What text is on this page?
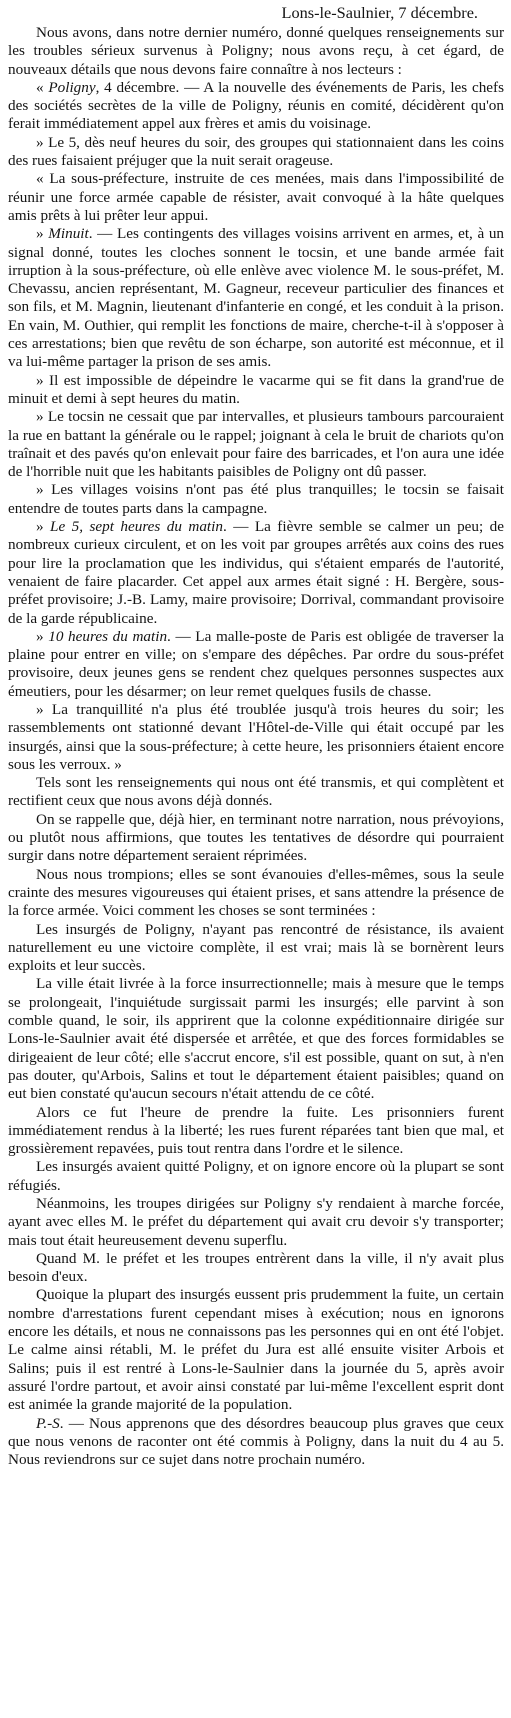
Lons-le-Saulnier, 7 décembre.

Nous avons, dans notre dernier numéro, donné quelques renseignements sur les troubles sérieux survenus à Poligny; nous avons reçu, à cet égard, de nouveaux détails que nous devons faire connaître à nos lecteurs :

« Poligny, 4 décembre. — A la nouvelle des événements de Paris, les chefs des sociétés secrètes de la ville de Poligny, réunis en comité, décidèrent qu'on ferait immédiatement appel aux frères et amis du voisinage.

» Le 5, dès neuf heures du soir, des groupes qui stationnaient dans les coins des rues faisaient préjuger que la nuit serait orageuse.

« La sous-préfecture, instruite de ces menées, mais dans l'impossibilité de réunir une force armée capable de résister, avait convoqué à la hâte quelques amis prêts à lui prêter leur appui.

» Minuit. — Les contingents des villages voisins arrivent en armes, et, à un signal donné, toutes les cloches sonnent le tocsin, et une bande armée fait irruption à la sous-préfecture, où elle enlève avec violence M. le sous-préfet, M. Chevassu, ancien représentant, M. Gagneur, receveur particulier des finances et son fils, et M. Magnin, lieutenant d'infanterie en congé, et les conduit à la prison. En vain, M. Outhier, qui remplit les fonctions de maire, cherche-t-il à s'opposer à ces arrestations; bien que revêtu de son écharpe, son autorité est méconnue, et il va lui-même partager la prison de ses amis.

» Il est impossible de dépeindre le vacarme qui se fit dans la grand'rue de minuit et demi à sept heures du matin.

» Le tocsin ne cessait que par intervalles, et plusieurs tambours parcouraient la rue en battant la générale ou le rappel; joignant à cela le bruit de chariots qu'on traînait et des pavés qu'on enlevait pour faire des barricades, et l'on aura une idée de l'horrible nuit que les habitants paisibles de Poligny ont dû passer.

» Les villages voisins n'ont pas été plus tranquilles; le tocsin se faisait entendre de toutes parts dans la campagne.

» Le 5, sept heures du matin. — La fièvre semble se calmer un peu; de nombreux curieux circulent, et on les voit par groupes arrêtés aux coins des rues pour lire la proclamation que les individus, qui s'étaient emparés de l'autorité, venaient de faire placarder. Cet appel aux armes était signé : H. Bergère, sous-préfet provisoire; J.-B. Lamy, maire provisoire; Dorrival, commandant provisoire de la garde républicaine.

» 10 heures du matin. — La malle-poste de Paris est obligée de traverser la plaine pour entrer en ville; on s'empare des dépêches. Par ordre du sous-préfet provisoire, deux jeunes gens se rendent chez quelques personnes suspectes aux émeutiers, pour les désarmer; on leur remet quelques fusils de chasse.

» La tranquillité n'a plus été troublée jusqu'à trois heures du soir; les rassemblements ont stationné devant l'Hôtel-de-Ville qui était occupé par les insurgés, ainsi que la sous-préfecture; à cette heure, les prisonniers étaient encore sous les verroux. »

Tels sont les renseignements qui nous ont été transmis, et qui complètent et rectifient ceux que nous avons déjà donnés.

On se rappelle que, déjà hier, en terminant notre narration, nous prévoyions, ou plutôt nous affirmions, que toutes les tentatives de désordre qui pourraient surgir dans notre département seraient réprimées.

Nous nous trompions; elles se sont évanouies d'elles-mêmes, sous la seule crainte des mesures vigoureuses qui étaient prises, et sans attendre la présence de la force armée. Voici comment les choses se sont terminées :

Les insurgés de Poligny, n'ayant pas rencontré de résistance, ils avaient naturellement eu une victoire complète, il est vrai; mais là se bornèrent leurs exploits et leur succès.

La ville était livrée à la force insurrectionnelle; mais à mesure que le temps se prolongeait, l'inquiétude surgissait parmi les insurgés; elle parvint à son comble quand, le soir, ils apprirent que la colonne expéditionnaire dirigée sur Lons-le-Saulnier avait été dispersée et arrêtée, et que des forces formidables se dirigeaient de leur côté; elle s'accrut encore, s'il est possible, quant on sut, à n'en pas douter, qu'Arbois, Salins et tout le département étaient paisibles; quand on eut bien constaté qu'aucun secours n'était attendu de ce côté.

Alors ce fut l'heure de prendre la fuite. Les prisonniers furent immédiatement rendus à la liberté; les rues furent réparées tant bien que mal, et grossièrement repavées, puis tout rentra dans l'ordre et le silence.

Les insurgés avaient quitté Poligny, et on ignore encore où la plupart se sont réfugiés.

Néanmoins, les troupes dirigées sur Poligny s'y rendaient à marche forcée, ayant avec elles M. le préfet du département qui avait cru devoir s'y transporter; mais tout était heureusement devenu superflu.

Quand M. le préfet et les troupes entrèrent dans la ville, il n'y avait plus besoin d'eux.

Quoique la plupart des insurgés eussent pris prudemment la fuite, un certain nombre d'arrestations furent cependant mises à exécution; nous en ignorons encore les détails, et nous ne connaissons pas les personnes qui en ont été l'objet. Le calme ainsi rétabli, M. le préfet du Jura est allé ensuite visiter Arbois et Salins; puis il est rentré à Lons-le-Saulnier dans la journée du 5, après avoir assuré l'ordre partout, et avoir ainsi constaté par lui-même l'excellent esprit dont est animée la grande majorité de la population.

P.-S. — Nous apprenons que des désordres beaucoup plus graves que ceux que nous venons de raconter ont été commis à Poligny, dans la nuit du 4 au 5. Nous reviendrons sur ce sujet dans notre prochain numéro.
